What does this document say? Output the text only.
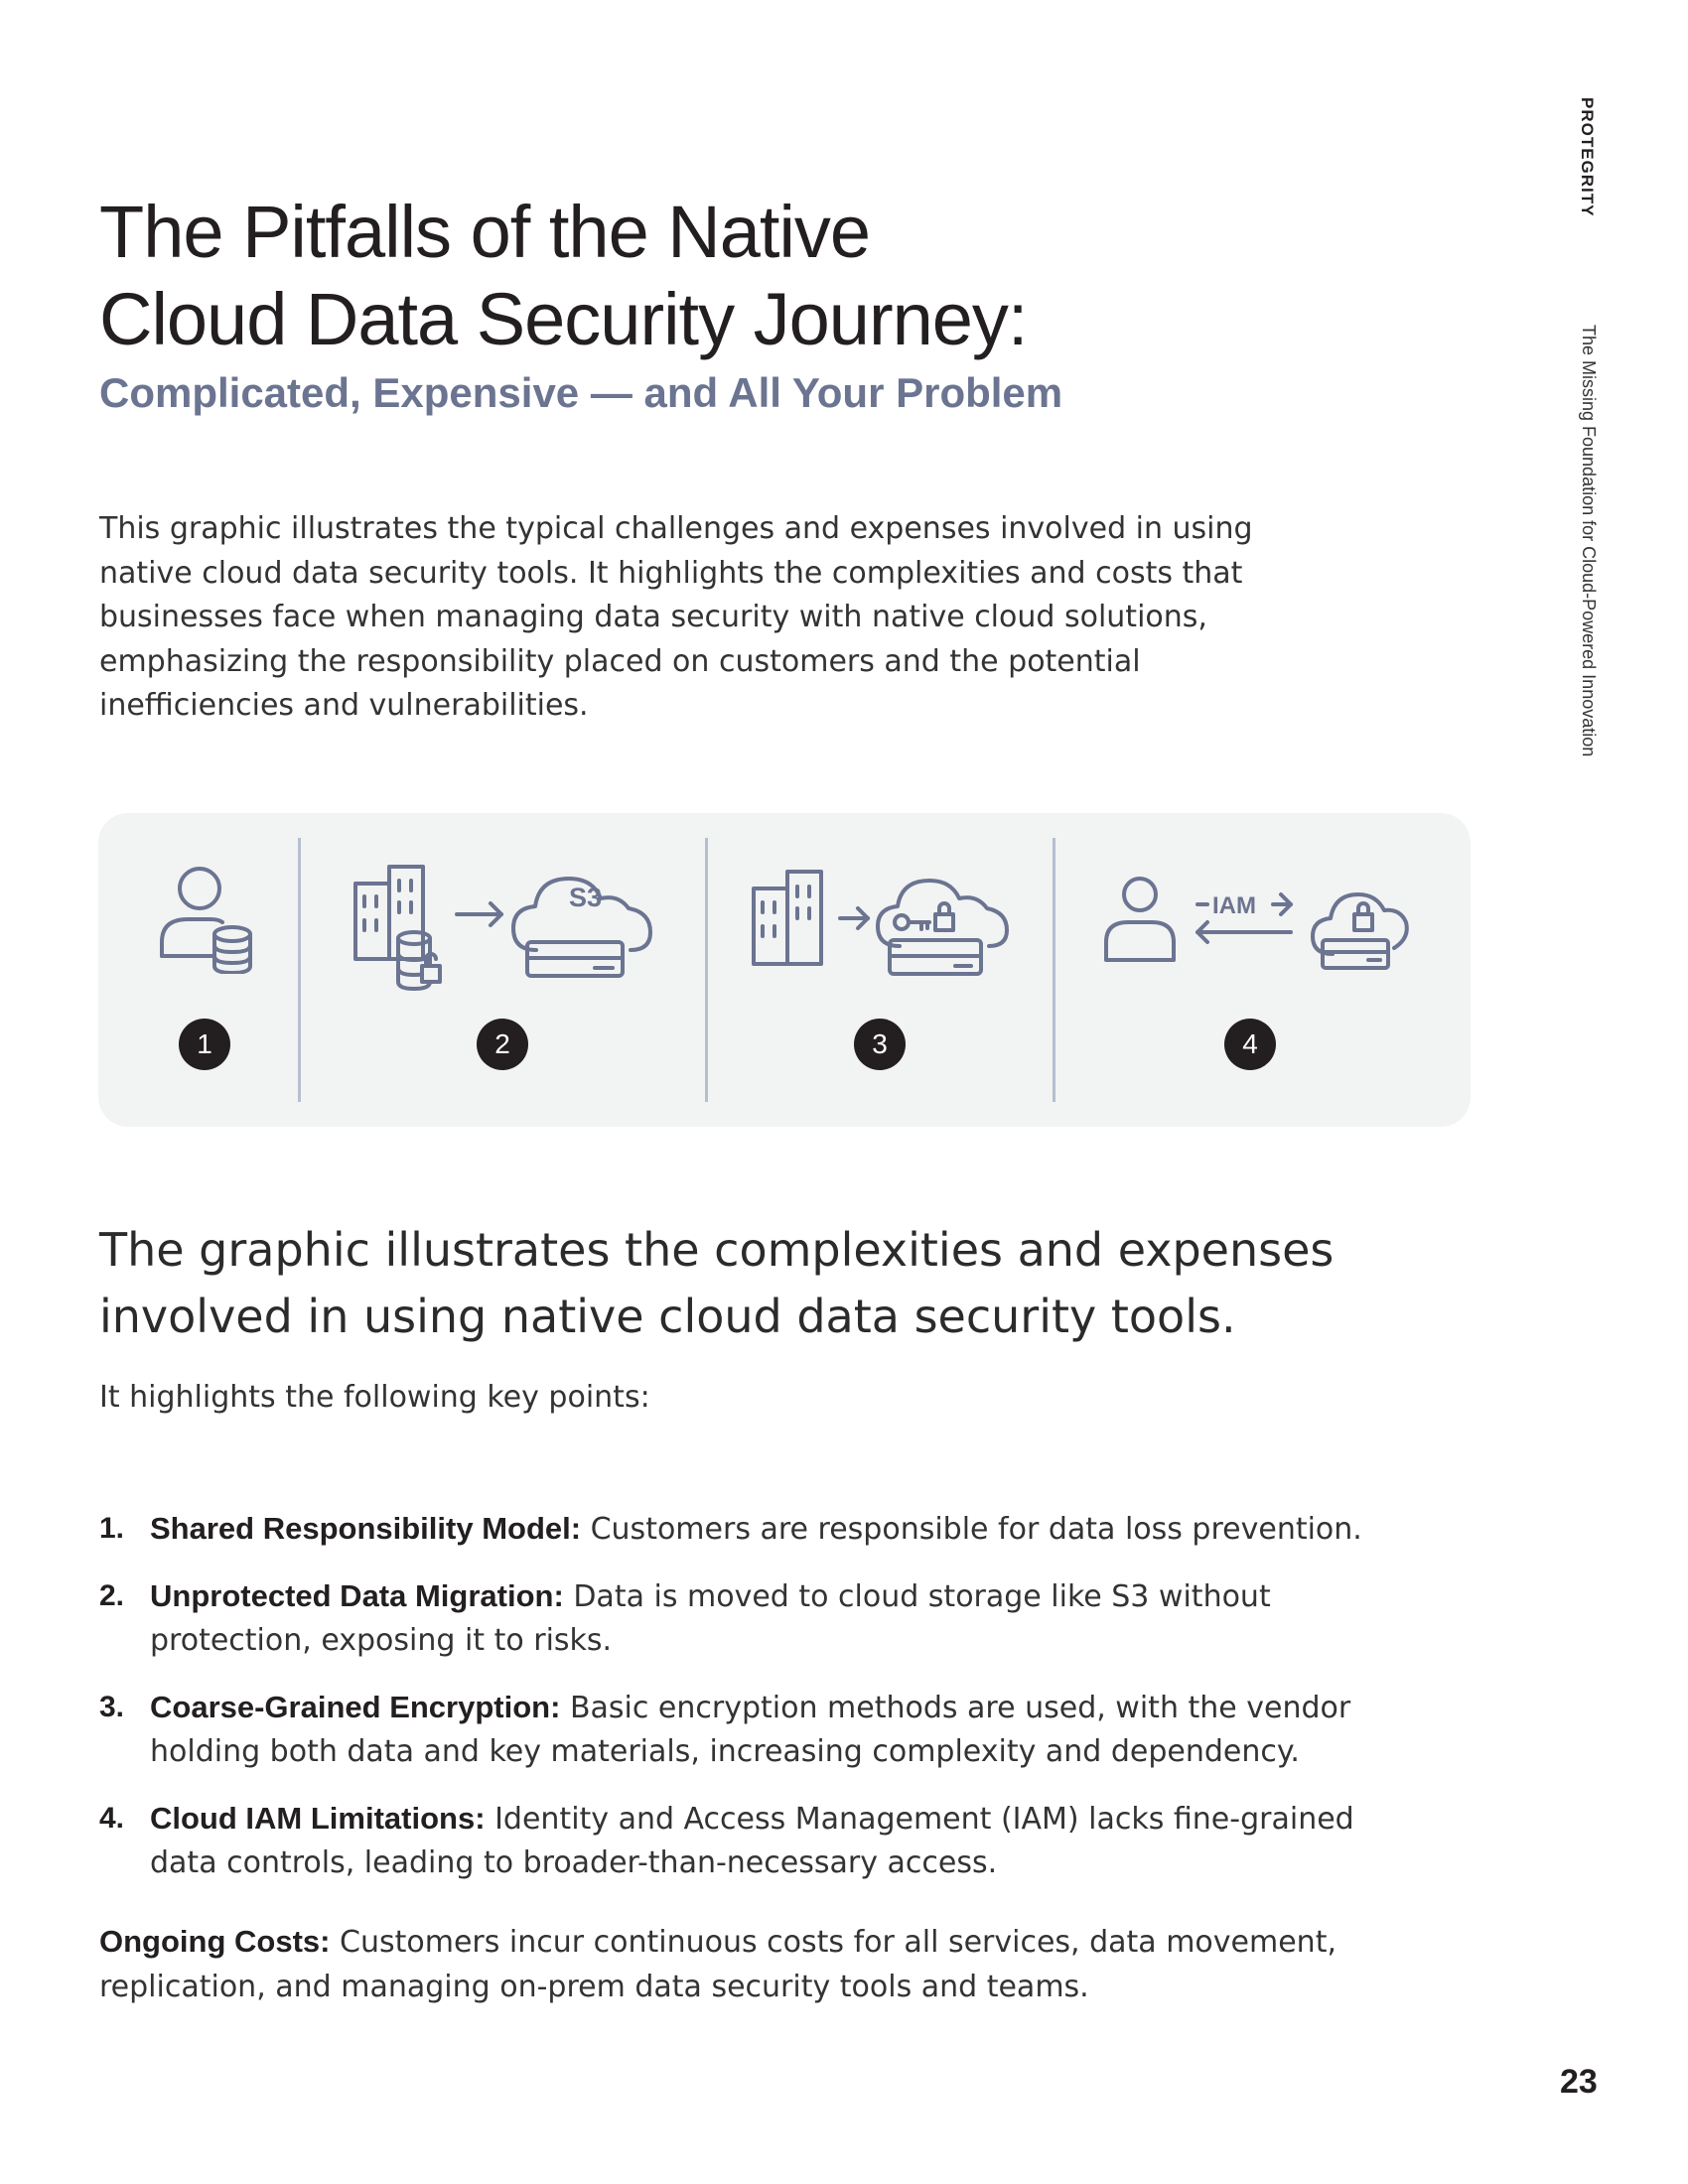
The Pitfalls of the Native
Cloud Data Security Journey:
Complicated, Expensive — and All Your Problem

This graphic illustrates the typical challenges and expenses involved in using native cloud data security tools. It highlights the complexities and costs that businesses face when managing data security with native cloud solutions, emphasizing the responsibility placed on customers and the potential inefficiencies and vulnerabilities.

1
S3
2	3
IAM
4
The graphic illustrates the complexities and expenses
involved in using native cloud data security tools.

It highlights the following key points:

1. Shared Responsibility Model: Customers are responsible for data loss prevention.
2. Unprotected Data Migration: Data is moved to cloud storage like S3 without protection, exposing it to risks.
3. Coarse-Grained Encryption: Basic encryption methods are used, with the vendor holding both data and key materials, increasing complexity and dependency.
4. Cloud IAM Limitations: Identity and Access Management (IAM) lacks fine-grained data controls, leading to broader-than-necessary access.

Ongoing Costs: Customers incur continuous costs for all services, data movement, replication, and managing on-prem data security tools and teams.

PROTEGRITY
The Missing Foundation for Cloud-Powered Innovation
23
